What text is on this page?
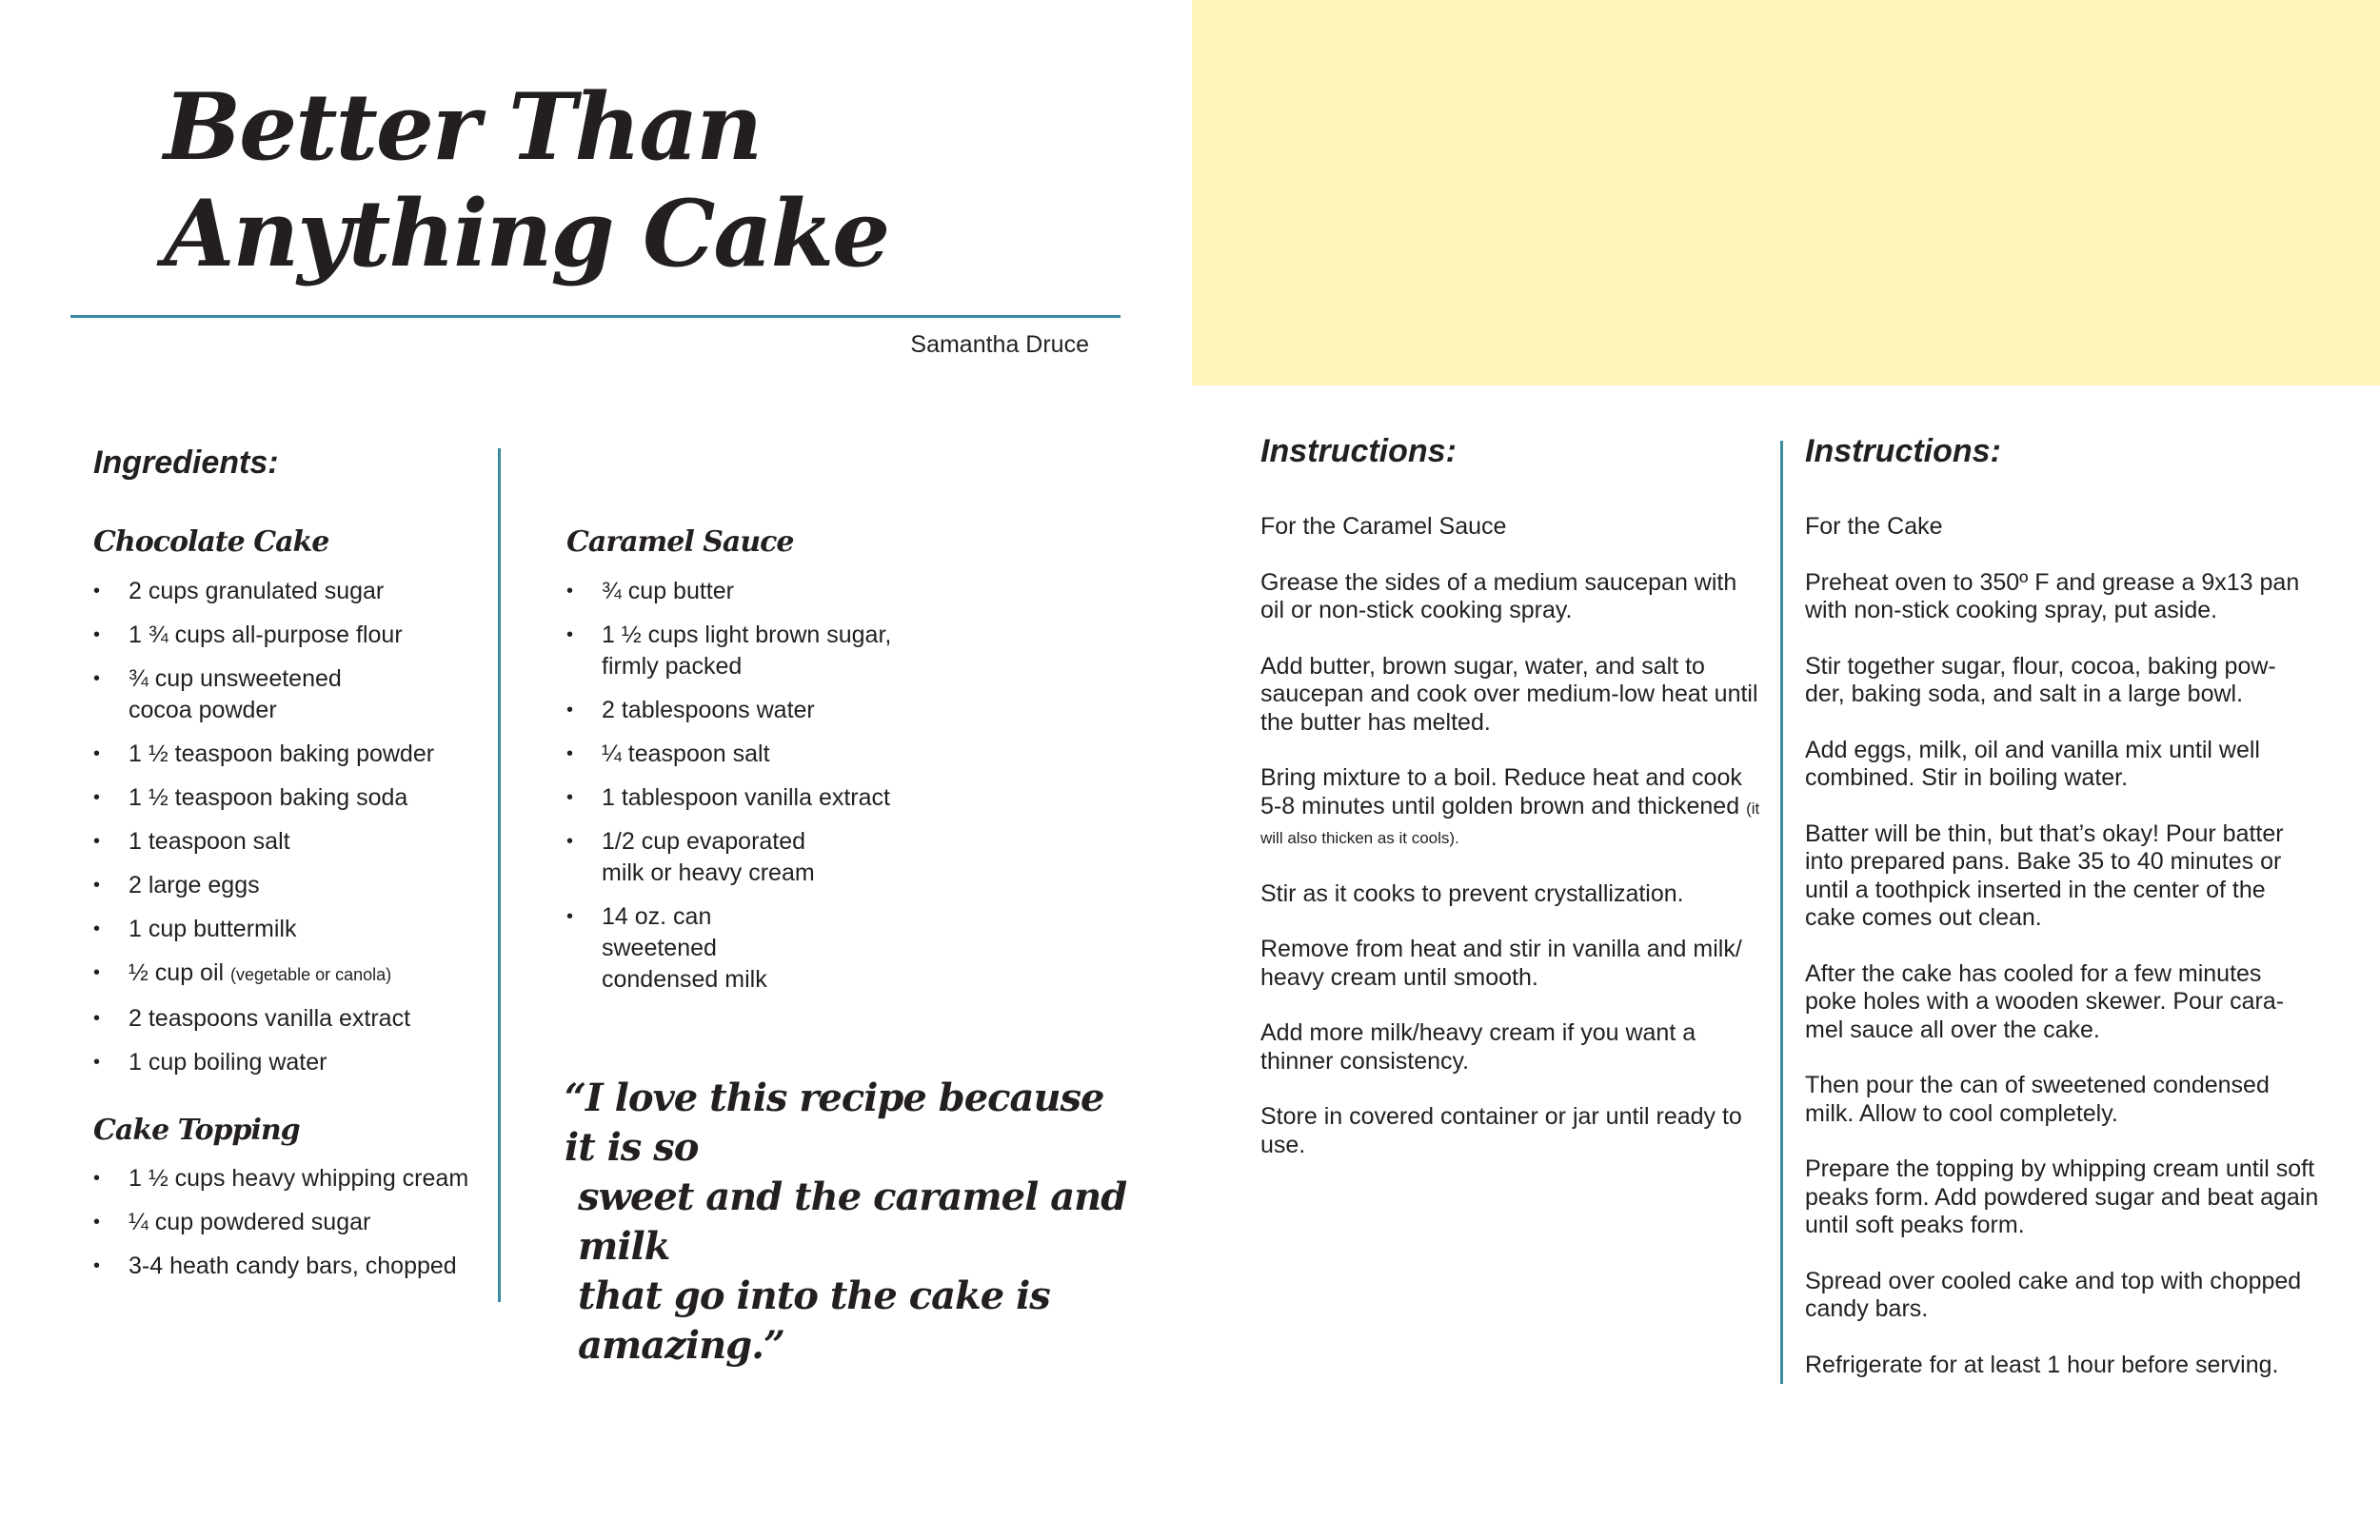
Better Than
Anything Cake
Samantha Druce
Ingredients:
Chocolate Cake
• 2 cups granulated sugar
• 1 ¾ cups all-purpose flour
• ¾ cup unsweetened cocoa powder
• 1 ½ teaspoon baking powder
• 1 ½ teaspoon baking soda
• 1 teaspoon salt
• 2 large eggs
• 1 cup buttermilk
• ½ cup oil (vegetable or canola)
• 2 teaspoons vanilla extract
• 1 cup boiling water
Cake Topping
• 1 ½ cups heavy whipping cream
• ¼ cup powdered sugar
• 3-4 heath candy bars, chopped
Caramel Sauce
• ¾ cup butter
• 1 ½ cups light brown sugar, firmly packed
• 2 tablespoons water
• ¼ teaspoon salt
• 1 tablespoon vanilla extract
• 1/2 cup evaporated milk or heavy cream
• 14 oz. can sweetened condensed milk
“I love this recipe because it is so
sweet and the caramel and milk
that go into the cake is amazing.”
Instructions:

For the Caramel Sauce

Grease the sides of a medium saucepan with oil or non-stick cooking spray.

Add butter, brown sugar, water, and salt to saucepan and cook over medium-low heat until the butter has melted.

Bring mixture to a boil. Reduce heat and cook 5-8 minutes until golden brown and thickened (it will also thicken as it cools).

Stir as it cooks to prevent crystallization.

Remove from heat and stir in vanilla and milk/ heavy cream until smooth.

Add more milk/heavy cream if you want a thinner consistency.

Store in covered container or jar until ready to use.

Instructions:

For the Cake

Preheat oven to 350º F and grease a 9x13 pan with non-stick cooking spray, put aside.

Stir together sugar, flour, cocoa, baking pow- der, baking soda, and salt in a large bowl.

Add eggs, milk, oil and vanilla mix until well combined. Stir in boiling water.

Batter will be thin, but that’s okay! Pour batter into prepared pans. Bake 35 to 40 minutes or until a toothpick inserted in the center of the cake comes out clean.

After the cake has cooled for a few minutes poke holes with a wooden skewer. Pour cara- mel sauce all over the cake.

Then pour the can of sweetened condensed milk. Allow to cool completely.

Prepare the topping by whipping cream until soft peaks form. Add powdered sugar and beat again until soft peaks form.

Spread over cooled cake and top with chopped candy bars.

Refrigerate for at least 1 hour before serving.
